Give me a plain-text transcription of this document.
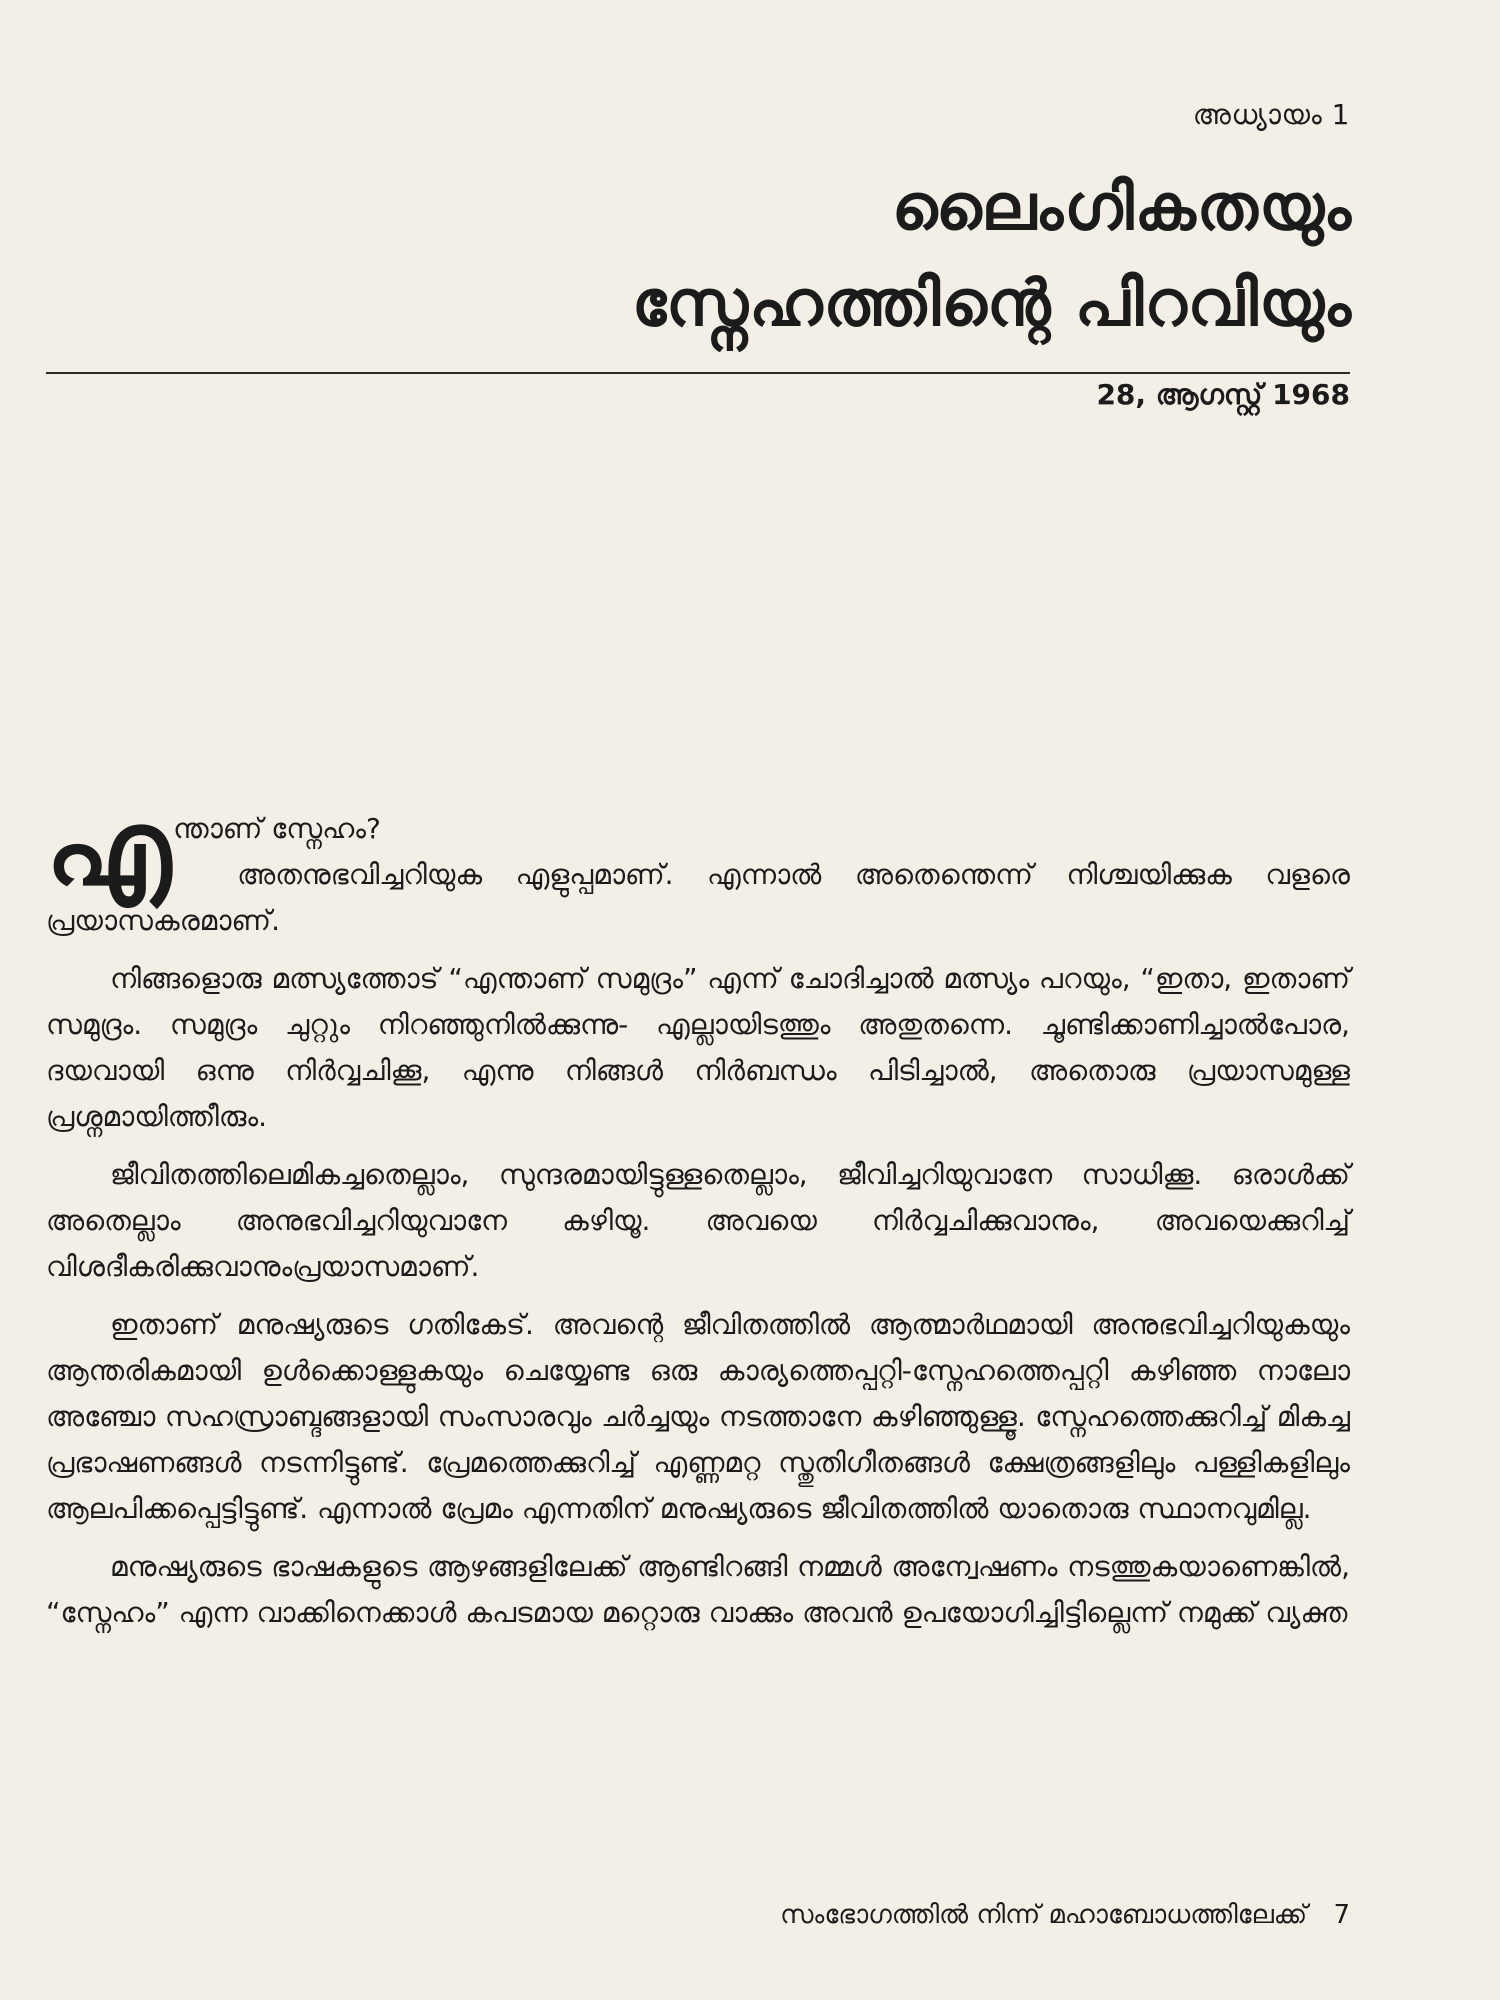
അധ്യായം 1
ലൈംഗികതയും
സ്നേഹത്തിന്റെ പിറവിയും
28, ആഗസ്റ്റ് 1968
എ ന്താണ് സ്നേഹം?

അതനുഭവിച്ചറിയുക എളുപ്പമാണ്. എന്നാൽ അതെന്തെന്ന് നിശ്ചയിക്കുക വളരെ പ്രയാസകരമാണ്.

നിങ്ങളൊരു മത്സ്യത്തോട് “എന്താണ് സമുദ്രം” എന്ന് ചോദിച്ചാൽ മത്സ്യം പറയും, “ഇതാ, ഇതാണ് സമുദ്രം. സമുദ്രം ചുറ്റും നിറഞ്ഞുനിൽക്കുന്നു- എല്ലായിടത്തും അതുതന്നെ. ചൂണ്ടിക്കാണിച്ചാൽപോര, ദയവായി ഒന്നു നിർവ്വചിക്കൂ, എന്നു നിങ്ങൾ നിർബന്ധം പിടിച്ചാൽ, അതൊരു പ്രയാസമുള്ള പ്രശ്നമായിത്തീരും.

ജീവിതത്തിലെമികച്ചതെല്ലാം, സുന്ദരമായിട്ടുള്ളതെല്ലാം, ജീവിച്ചറിയുവാനേ സാധിക്കൂ. ഒരാൾക്ക് അതെല്ലാം അനുഭവിച്ചറിയുവാനേ കഴിയൂ. അവയെ നിർവ്വചിക്കുവാനും, അവയെക്കുറിച്ച് വിശദീകരിക്കുവാനുംപ്രയാസമാണ്.

ഇതാണ് മനുഷ്യരുടെ ഗതികേട്. അവന്റെ ജീവിതത്തിൽ ആത്മാർഥമായി അനുഭവിച്ചറിയുകയും ആന്തരികമായി ഉൾക്കൊള്ളുകയും ചെയ്യേണ്ട ഒരു കാര്യത്തെപ്പറ്റി-സ്നേഹത്തെപ്പറ്റി കഴിഞ്ഞ നാലോ അഞ്ചോ സഹസ്രാബ്ദങ്ങളായി സംസാരവും ചർച്ചയും നടത്താനേ കഴിഞ്ഞുള്ളൂ. സ്നേഹത്തെക്കുറിച്ച് മികച്ച പ്രഭാഷണങ്ങൾ നടന്നിട്ടുണ്ട്. പ്രേമത്തെക്കുറിച്ച് എണ്ണമറ്റ സ്തുതിഗീതങ്ങൾ ക്ഷേത്രങ്ങളിലും പള്ളികളിലും ആലപിക്കപ്പെട്ടിട്ടുണ്ട്. എന്നാൽ പ്രേമം എന്നതിന് മനുഷ്യരുടെ ജീവിതത്തിൽ യാതൊരു സ്ഥാനവുമില്ല.

മനുഷ്യരുടെ ഭാഷകളുടെ ആഴങ്ങളിലേക്ക് ആണ്ടിറങ്ങി നമ്മൾ അന്വേഷണം നടത്തുകയാണെങ്കിൽ, “സ്നേഹം” എന്ന വാക്കിനെക്കാൾ കപടമായ മറ്റൊരു വാക്കും അവൻ ഉപയോഗിച്ചിട്ടില്ലെന്ന് നമുക്ക് വ്യക്ത

സംഭോഗത്തിൽ നിന്ന് മഹാബോധത്തിലേക്ക് 7
